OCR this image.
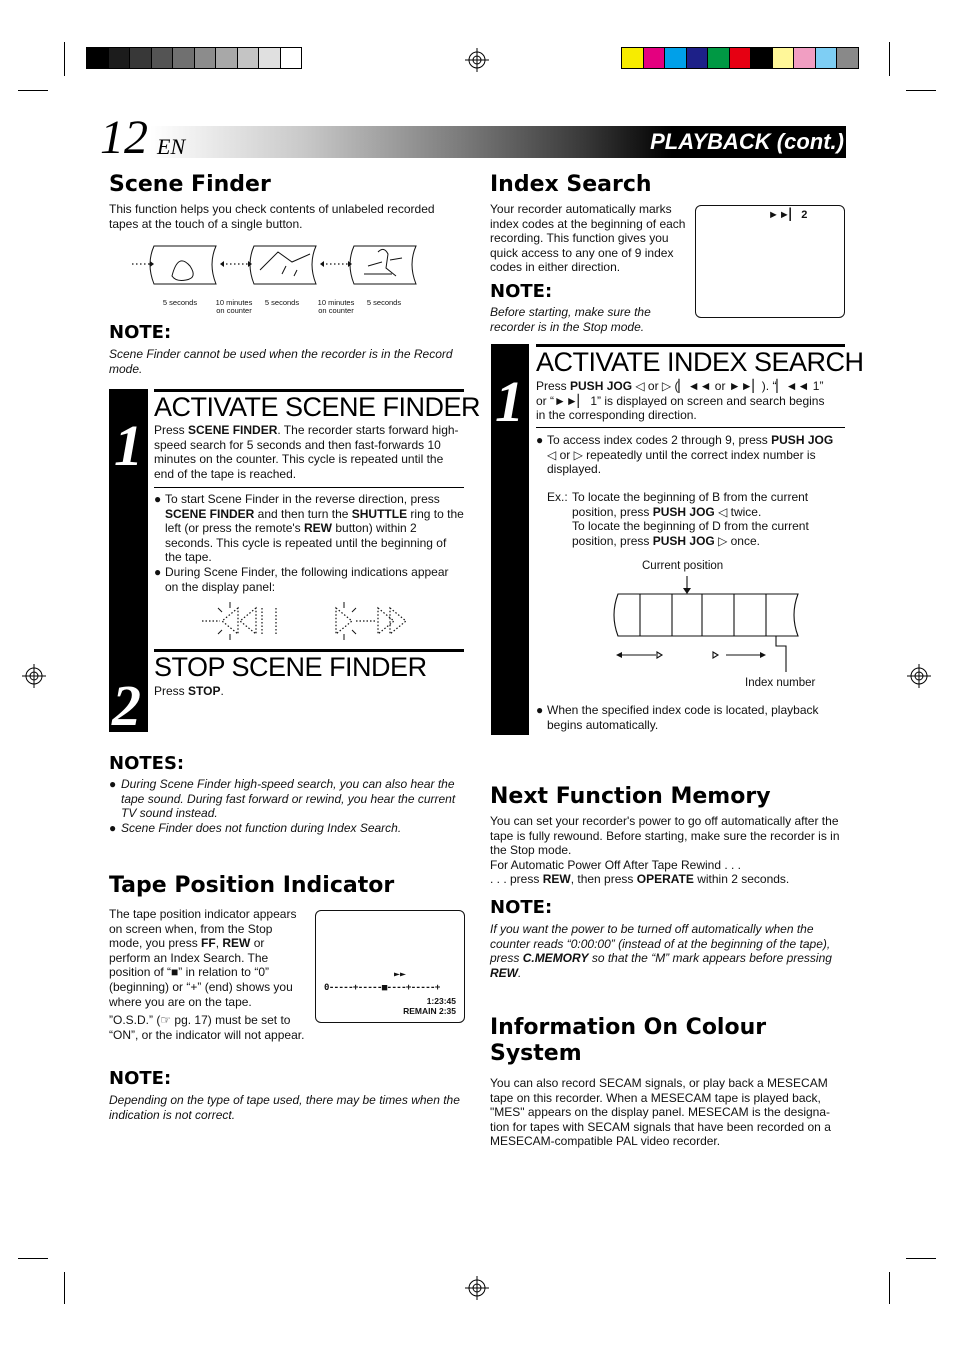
12 EN	PLAYBACK (cont.)
Scene Finder
This function helps you check contents of unlabeled recorded tapes at the touch of a single button.
5 seconds	10 minutes
on counter
5 seconds	10 minutes
on counter
5 seconds
NOTE:
Scene Finder cannot be used when the recorder is in the Record mode.
1
2
ACTIVATE SCENE FINDER
Press SCENE FINDER. The recorder starts forward high-speed search for 5 seconds and then fast-forwards 10 minutes on the counter. This cycle is repeated until the end of the tape is reached.
● To start Scene Finder in the reverse direction, press SCENE FINDER and then turn the SHUTTLE ring to the left (or press the remote's REW button) within 2 seconds. This cycle is repeated until the beginning of the tape.
● During Scene Finder, the following indications appear on the display panel:
STOP SCENE FINDER
Press STOP.
NOTES:
● During Scene Finder high-speed search, you can also hear the tape sound. During fast forward or rewind, you hear the current TV sound instead.
● Scene Finder does not function during Index Search.
Tape Position Indicator
The tape position indicator appears on screen when, from the Stop mode, you press FF, REW or perform an Index Search. The position of “■” in relation to “0” (beginning) or “+” (end) shows you where you are on the tape.
”O.S.D.” (☞ pg. 17) must be set to “ON”, or the indicator will not appear.
►►
0-----+-----■----+-----+
1:23:45
REMAIN 2:35
NOTE:
Depending on the type of tape used, there may be times when the indication is not correct.
Index Search
Your recorder automatically marks index codes at the beginning of each recording. This function gives you quick access to any one of 9 index codes in either direction.
►►▏ 2
NOTE:
Before starting, make sure the recorder is in the Stop mode.
1
ACTIVATE INDEX SEARCH
Press PUSH JOG ◁ or ▷ (▏◄◄ or ►►▏). “▏◄◄ 1” or “►►▏ 1” is displayed on screen and search begins in the corresponding direction.
● To access index codes 2 through 9, press PUSH JOG ◁ or ▷ repeatedly until the correct index number is displayed.
Ex.: To locate the beginning of B from the current position, press PUSH JOG ◁ twice.
To locate the beginning of D from the current position, press PUSH JOG ▷ once.
Current position
Index number
● When the specified index code is located, playback begins automatically.
Next Function Memory
You can set your recorder's power to go off automatically after the tape is fully rewound. Before starting, make sure the recorder is in the Stop mode.
For Automatic Power Off After Tape Rewind . . .
. . . press REW, then press OPERATE within 2 seconds.
NOTE:
If you want the power to be turned off automatically when the counter reads “0:00:00” (instead of at the beginning of the tape), press C.MEMORY so that the “M” mark appears before pressing REW.
Information On Colour System
You can also record SECAM signals, or play back a MESECAM tape on this recorder. When a MESECAM tape is played back, "MES" appears on the display panel. MESECAM is the designa-tion for tapes with SECAM signals that have been recorded on a MESECAM-compatible PAL video recorder.
